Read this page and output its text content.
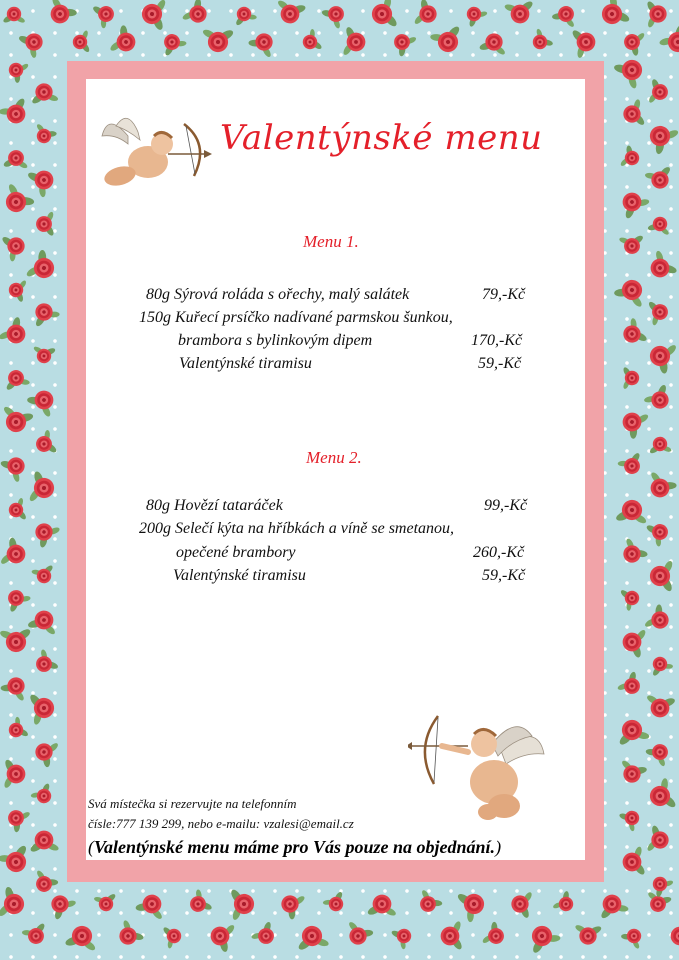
Valentýnské menu
Menu 1.
80g Sýrová roláda s ořechy, malý salátek	79,-Kč
150g Kuřecí prsíčko nadívané parmskou šunkou,
brambora s bylinkovým dipem	170,-Kč
Valentýnské tiramisu	59,-Kč
Menu 2.
80g Hovězí tataráček	99,-Kč
200g Selečí kýta na hříbkách a víně se smetanou,
opečené brambory	260,-Kč
Valentýnské tiramisu	59,-Kč
Svá místečka si rezervujte na telefonním
čísle:777 139 299, nebo e-mailu: vzalesi@email.cz
(Valentýnské menu máme pro Vás pouze na objednání.)
